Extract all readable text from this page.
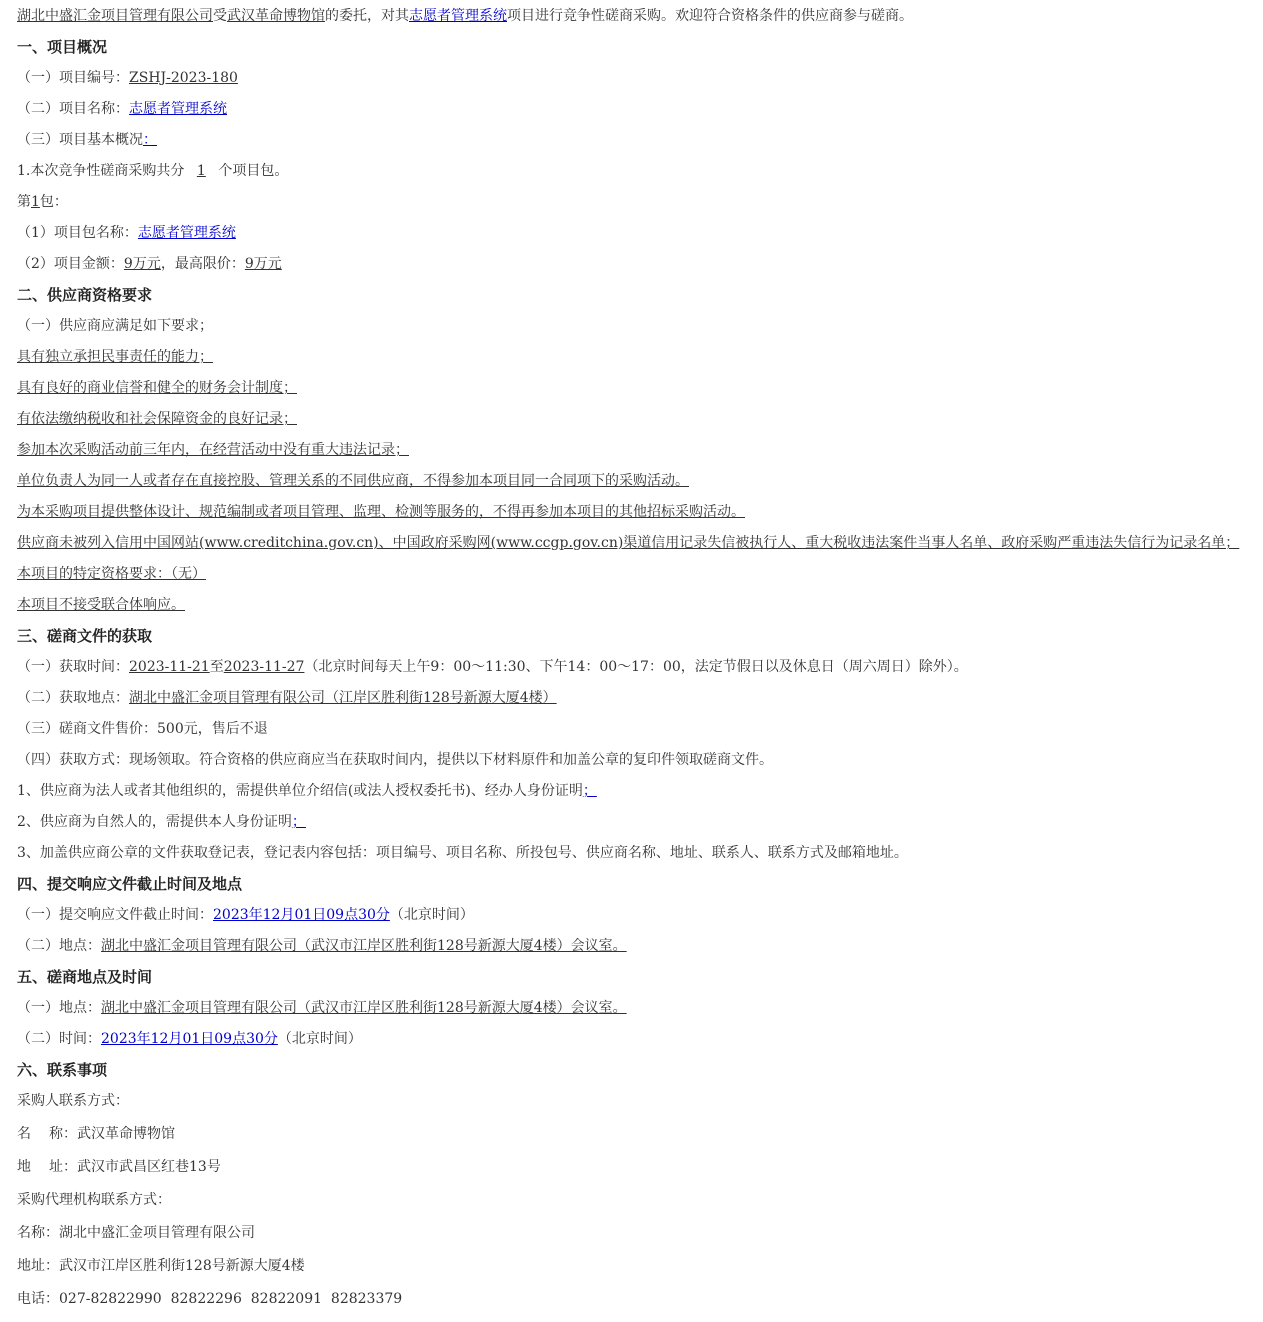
湖北中盛汇金项目管理有限公司受武汉革命博物馆的委托，对其志愿者管理系统项目进行竞争性磋商采购。欢迎符合资格条件的供应商参与磋商。
一、项目概况
（一）项目编号：ZSHJ-2023-180
（二）项目名称：志愿者管理系统
（三）项目基本概况：
1.本次竞争性磋商采购共分 1 个项目包。
第1包：
（1）项目包名称：志愿者管理系统
（2）项目金额：9万元，最高限价：9万元
二、供应商资格要求
（一）供应商应满足如下要求；
具有独立承担民事责任的能力；
具有良好的商业信誉和健全的财务会计制度；
有依法缴纳税收和社会保障资金的良好记录；
参加本次采购活动前三年内，在经营活动中没有重大违法记录；
单位负责人为同一人或者存在直接控股、管理关系的不同供应商，不得参加本项目同一合同项下的采购活动。
为本采购项目提供整体设计、规范编制或者项目管理、监理、检测等服务的，不得再参加本项目的其他招标采购活动。
供应商未被列入信用中国网站(www.creditchina.gov.cn)、中国政府采购网(www.ccgp.gov.cn)渠道信用记录失信被执行人、重大税收违法案件当事人名单、政府采购严重违法失信行为记录名单；
本项目的特定资格要求：（无）
本项目不接受联合体响应。
三、磋商文件的获取
（一）获取时间：2023-11-21至2023-11-27（北京时间每天上午9：00～11:30、下午14：00～17：00，法定节假日以及休息日（周六周日）除外）。
（二）获取地点：湖北中盛汇金项目管理有限公司（江岸区胜利街128号新源大厦4楼）
（三）磋商文件售价：500元，售后不退
（四）获取方式：现场领取。符合资格的供应商应当在获取时间内，提供以下材料原件和加盖公章的复印件领取磋商文件。
1、供应商为法人或者其他组织的，需提供单位介绍信(或法人授权委托书)、经办人身份证明；
2、供应商为自然人的，需提供本人身份证明；
3、加盖供应商公章的文件获取登记表，登记表内容包括：项目编号、项目名称、所投包号、供应商名称、地址、联系人、联系方式及邮箱地址。
四、提交响应文件截止时间及地点
（一）提交响应文件截止时间：2023年12月01日09点30分（北京时间）
（二）地点：湖北中盛汇金项目管理有限公司（武汉市江岸区胜利街128号新源大厦4楼）会议室。
五、磋商地点及时间
（一）地点：湖北中盛汇金项目管理有限公司（武汉市江岸区胜利街128号新源大厦4楼）会议室。
（二）时间：2023年12月01日09点30分（北京时间）
六、联系事项
采购人联系方式：
名 称：武汉革命博物馆
地 址：武汉市武昌区红巷13号
采购代理机构联系方式：
名称：湖北中盛汇金项目管理有限公司
地址：武汉市江岸区胜利街128号新源大厦4楼
电话：027-82822990  82822296  82822091  82823379
